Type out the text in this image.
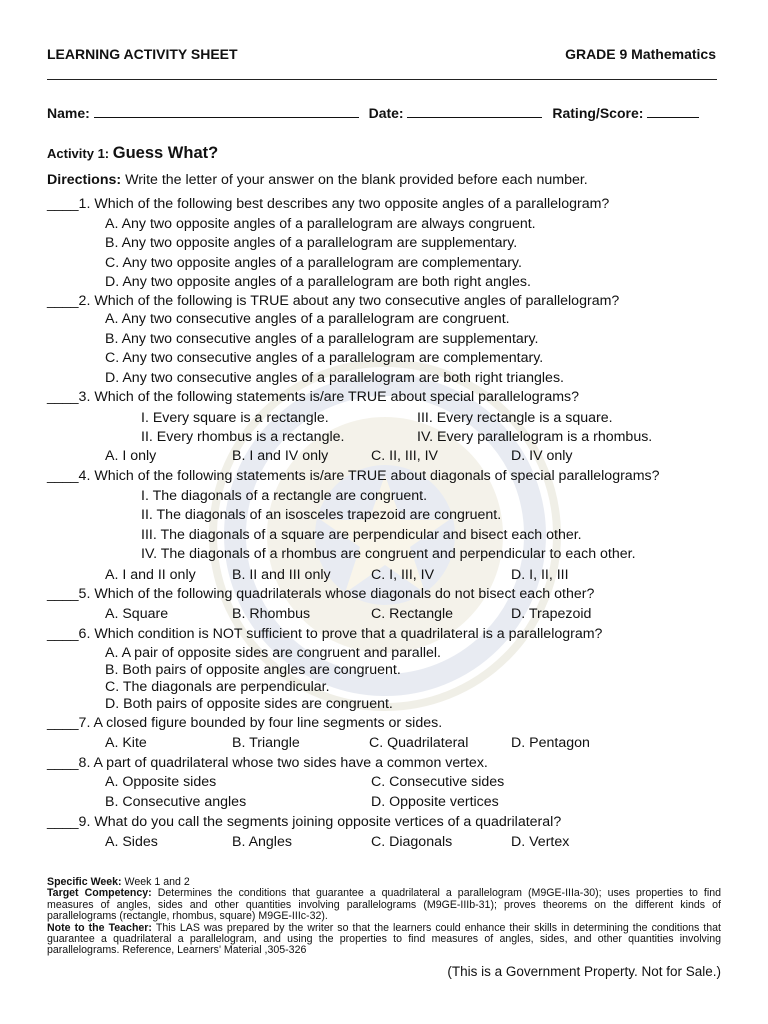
LEARNING ACTIVITY SHEET	GRADE 9 Mathematics
Name:	Date:	Rating/Score:
Activity 1: Guess What?
Directions: Write the letter of your answer on the blank provided before each number.
____1. Which of the following best describes any two opposite angles of a parallelogram?
A. Any two opposite angles of a parallelogram are always congruent.
B. Any two opposite angles of a parallelogram are supplementary.
C. Any two opposite angles of a parallelogram are complementary.
D. Any two opposite angles of a parallelogram are both right angles.
____2. Which of the following is TRUE about any two consecutive angles of parallelogram?
A. Any two consecutive angles of a parallelogram are congruent.
B. Any two consecutive angles of a parallelogram are supplementary.
C. Any two consecutive angles of a parallelogram are complementary.
D. Any two consecutive angles of a parallelogram are both right triangles.
____3. Which of the following statements is/are TRUE about special parallelograms?
I. Every square is a rectangle.	III. Every rectangle is a square.
II. Every rhombus is a rectangle.	IV. Every parallelogram is a rhombus.
A. I only	B. I and IV only	C. II, III, IV	D. IV only
____4. Which of the following statements is/are TRUE about diagonals of special parallelograms?
I. The diagonals of a rectangle are congruent.
II. The diagonals of an isosceles trapezoid are congruent.
III. The diagonals of a square are perpendicular and bisect each other.
IV. The diagonals of a rhombus are congruent and perpendicular to each other.
A. I and II only	B. II and III only	C. I, III, IV	D. I, II, III
____5. Which of the following quadrilaterals whose diagonals do not bisect each other?
A. Square	B. Rhombus	C. Rectangle	D. Trapezoid
____6. Which condition is NOT sufficient to prove that a quadrilateral is a parallelogram?
A. A pair of opposite sides are congruent and parallel.
B. Both pairs of opposite angles are congruent.
C. The diagonals are perpendicular.
D. Both pairs of opposite sides are congruent.
____7. A closed figure bounded by four line segments or sides.
A. Kite	B. Triangle	C. Quadrilateral	D. Pentagon
____8. A part of quadrilateral whose two sides have a common vertex.
A. Opposite sides	C. Consecutive sides
B. Consecutive angles	D. Opposite vertices
____9. What do you call the segments joining opposite vertices of a quadrilateral?
A. Sides	B. Angles	C. Diagonals	D. Vertex
Specific Week: Week 1 and 2
Target Competency: Determines the conditions that guarantee a quadrilateral a parallelogram (M9GE-IIIa-30); uses properties to find measures of angles, sides and other quantities involving parallelograms (M9GE-IIIb-31); proves theorems on the different kinds of parallelograms (rectangle, rhombus, square) M9GE-IIIc-32).
Note to the Teacher: This LAS was prepared by the writer so that the learners could enhance their skills in determining the conditions that guarantee a quadrilateral a parallelogram, and using the properties to find measures of angles, sides, and other quantities involving parallelograms. Reference, Learners' Material ,305-326
(This is a Government Property. Not for Sale.)
